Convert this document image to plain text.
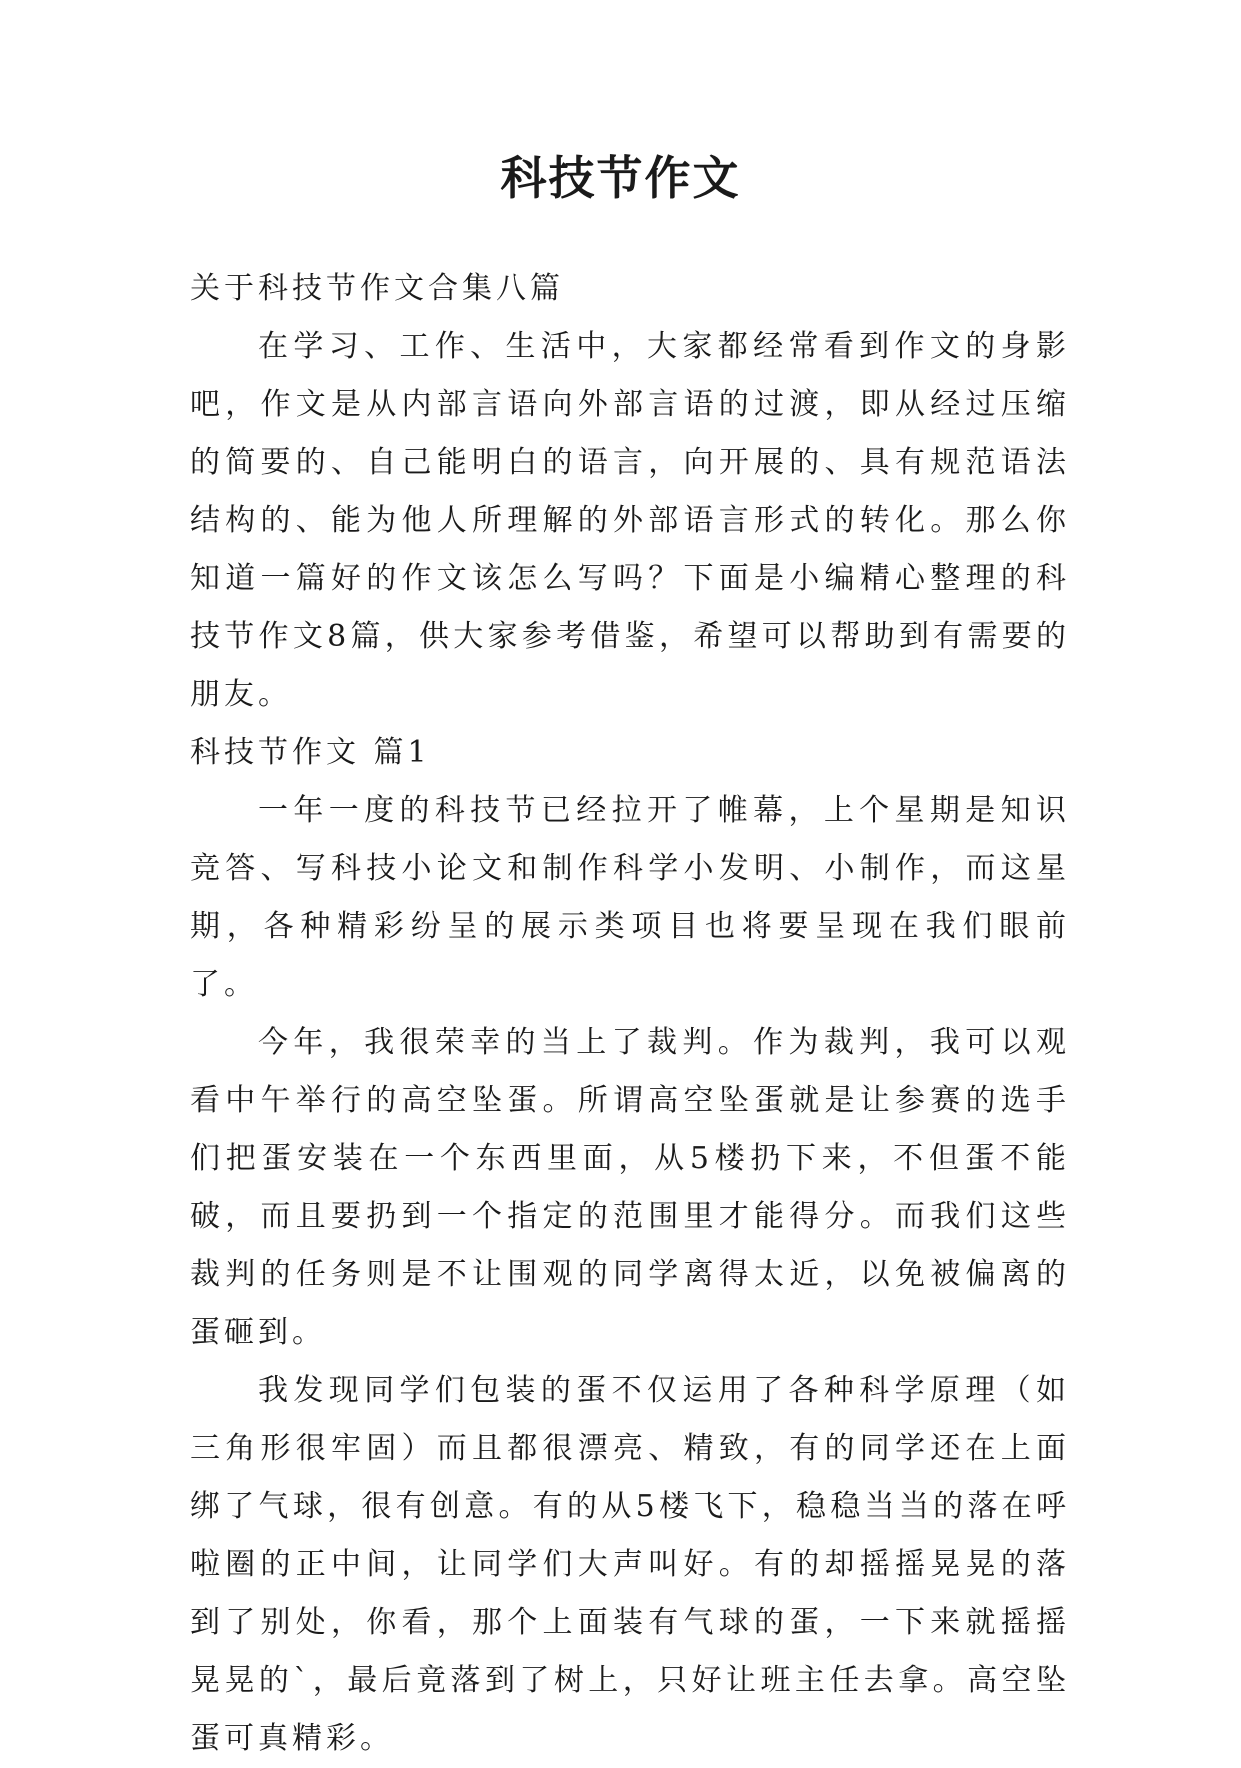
科技节作文

关于科技节作文合集八篇

在学习、工作、生活中，大家都经常看到作文的身影吧，作文是从内部言语向外部言语的过渡，即从经过压缩的简要的、自己能明白的语言，向开展的、具有规范语法结构的、能为他人所理解的外部语言形式的转化。那么你知道一篇好的作文该怎么写吗？下面是小编精心整理的科技节作文8篇，供大家参考借鉴，希望可以帮助到有需要的朋友。

科技节作文 篇1

一年一度的科技节已经拉开了帷幕，上个星期是知识竞答、写科技小论文和制作科学小发明、小制作，而这星期，各种精彩纷呈的展示类项目也将要呈现在我们眼前了。

今年，我很荣幸的当上了裁判。作为裁判，我可以观看中午举行的高空坠蛋。所谓高空坠蛋就是让参赛的选手们把蛋安装在一个东西里面，从5楼扔下来，不但蛋不能破，而且要扔到一个指定的范围里才能得分。而我们这些裁判的任务则是不让围观的同学离得太近，以免被偏离的蛋砸到。

我发现同学们包装的蛋不仅运用了各种科学原理（如三角形很牢固）而且都很漂亮、精致，有的同学还在上面绑了气球，很有创意。有的从5楼飞下，稳稳当当的落在呼啦圈的正中间，让同学们大声叫好。有的却摇摇晃晃的落到了别处，你看，那个上面装有气球的蛋，一下来就摇摇晃晃的`，最后竟落到了树上，只好让班主任去拿。高空坠蛋可真精彩。
